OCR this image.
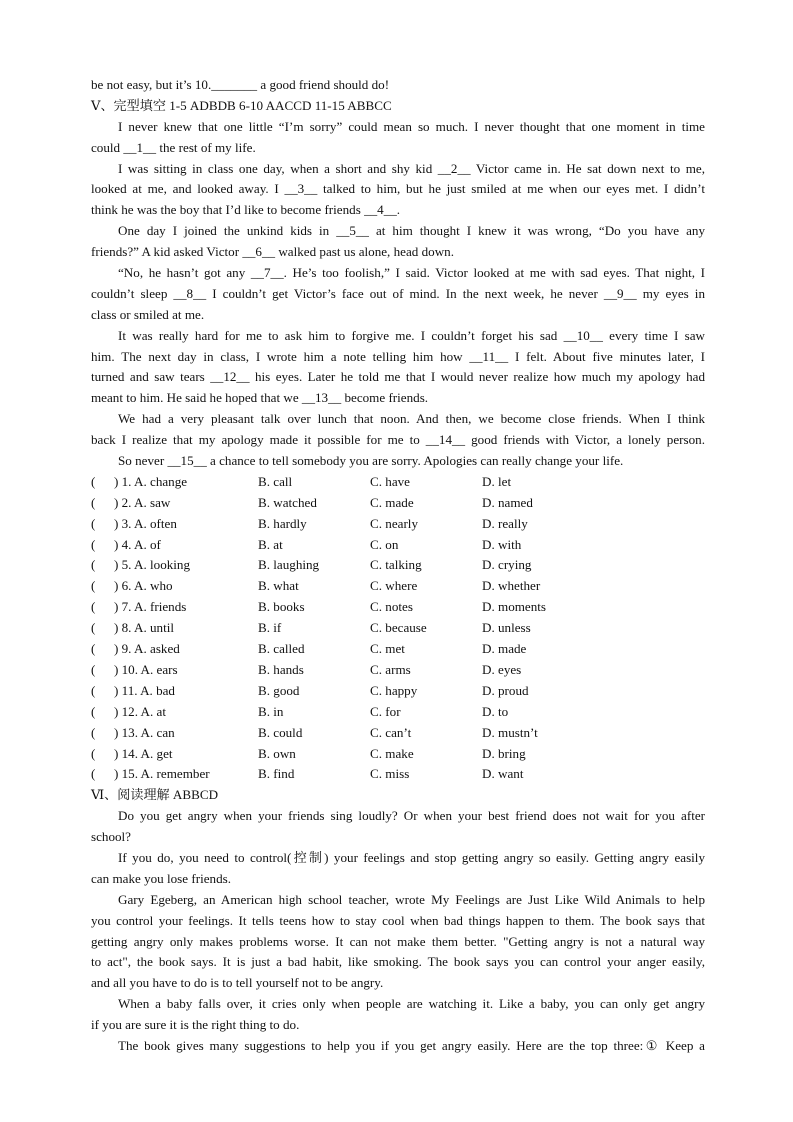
be not easy, but it’s 10._______ a good friend should do!
Ⅴ、完型填空 1-5 ADBDB 6-10 AACCD 11-15 ABBCC
I never knew that one little “I’m sorry” could mean so much. I never thought that one moment in time
could __1__ the rest of my life.
I was sitting in class one day, when a short and shy kid __2__ Victor came in. He sat down next to me,
looked at me, and looked away. I __3__ talked to him, but he just smiled at me when our eyes met. I didn’t
think he was the boy that I’d like to become friends __4__.
One day I joined the unkind kids in __5__ at him thought I knew it was wrong, “Do you have any
friends?” A kid asked Victor __6__ walked past us alone, head down.
“No, he hasn’t got any __7__. He’s too foolish,” I said. Victor looked at me with sad eyes. That night, I
couldn’t sleep __8__ I couldn’t get Victor’s face out of mind. In the next week, he never __9__ my eyes in
class or smiled at me.
It was really hard for me to ask him to forgive me. I couldn’t forget his sad __10__ every time I saw
him. The next day in class, I wrote him a note telling him how __11__ I felt. About five minutes later, I
turned and saw tears __12__ his eyes. Later he told me that I would never realize how much my apology had
meant to him. He said he hoped that we __13__ become friends.
We had a very pleasant talk over lunch that noon. And then, we become close friends. When I think
back I realize that my apology made it possible for me to __14__ good friends with Victor, a lonely person.
So never __15__ a chance to tell somebody you are sorry. Apologies can really change your life.
( ) 1. A. change	B. call	C. have	D. let
( ) 2. A. saw	B. watched	C. made	D. named
( ) 3. A. often	B. hardly	C. nearly	D. really
( ) 4. A. of	B. at	C. on	D. with
( ) 5. A. looking	B. laughing	C. talking	D. crying
( ) 6. A. who	B. what	C. where	D. whether
( ) 7. A. friends	B. books	C. notes	D. moments
( ) 8. A. until	B. if	C. because	D. unless
( ) 9. A. asked	B. called	C. met	D. made
( ) 10. A. ears	B. hands	C. arms	D. eyes
( ) 11. A. bad	B. good	C. happy	D. proud
( ) 12. A. at	B. in	C. for	D. to
( ) 13. A. can	B. could	C. can’t	D. mustn’t
( ) 14. A. get	B. own	C. make	D. bring
( ) 15. A. remember	B. find	C. miss	D. want
Ⅵ、阅读理解 ABBCD
Do you get angry when your friends sing loudly? Or when your best friend does not wait for you after
school?
If you do, you need to control(控制) your feelings and stop getting angry so easily. Getting angry easily
can make you lose friends.
Gary Egeberg, an American high school teacher, wrote My Feelings are Just Like Wild Animals to help
you control your feelings. It tells teens how to stay cool when bad things happen to them. The book says that
getting angry only makes problems worse. It can not make them better. "Getting angry is not a natural way
to act", the book says. It is just a bad habit, like smoking. The book says you can control your anger easily,
and all you have to do is to tell yourself not to be angry.
When a baby falls over, it cries only when people are watching it. Like a baby, you can only get angry
if you are sure it is the right thing to do.
The book gives many suggestions to help you if you get angry easily. Here are the top three:① Keep a
